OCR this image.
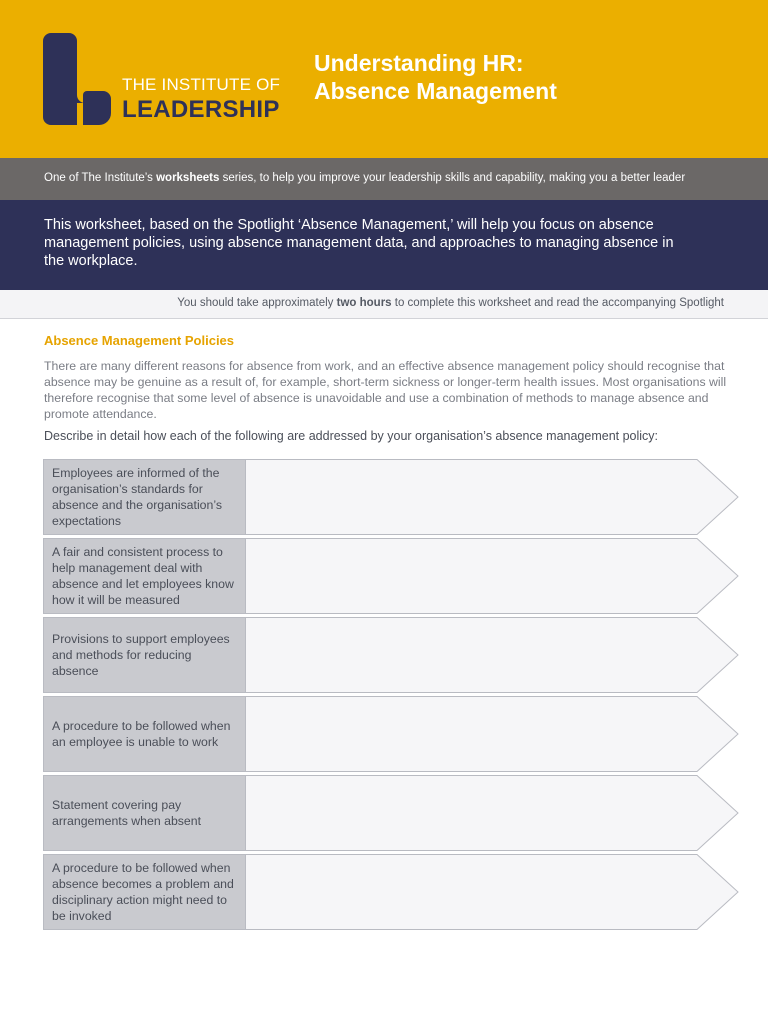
THE INSTITUTE OF
LEADERSHIP
Understanding HR:
Absence Management
One of The Institute’s worksheets series, to help you improve your leadership skills and capability, making you a better leader
This worksheet, based on the Spotlight ‘Absence Management,’ will help you focus on absence management policies, using absence management data, and approaches to managing absence in the workplace.
You should take approximately two hours to complete this worksheet and read the accompanying Spotlight
Absence Management Policies
There are many different reasons for absence from work, and an effective absence management policy should recognise that absence may be genuine as a result of, for example, short-term sickness or longer-term health issues. Most organisations will therefore recognise that some level of absence is unavoidable and use a combination of methods to manage absence and promote attendance.
Describe in detail how each of the following are addressed by your organisation’s absence management policy:
Employees are informed of the organisation’s standards for absence and the organisation’s expectations
A fair and consistent process to help management deal with absence and let employees know how it will be measured
Provisions to support employees and methods for reducing absence
A procedure to be followed when an employee is unable to work
Statement covering pay arrangements when absent
A procedure to be followed when absence becomes a problem and disciplinary action might need to be invoked
